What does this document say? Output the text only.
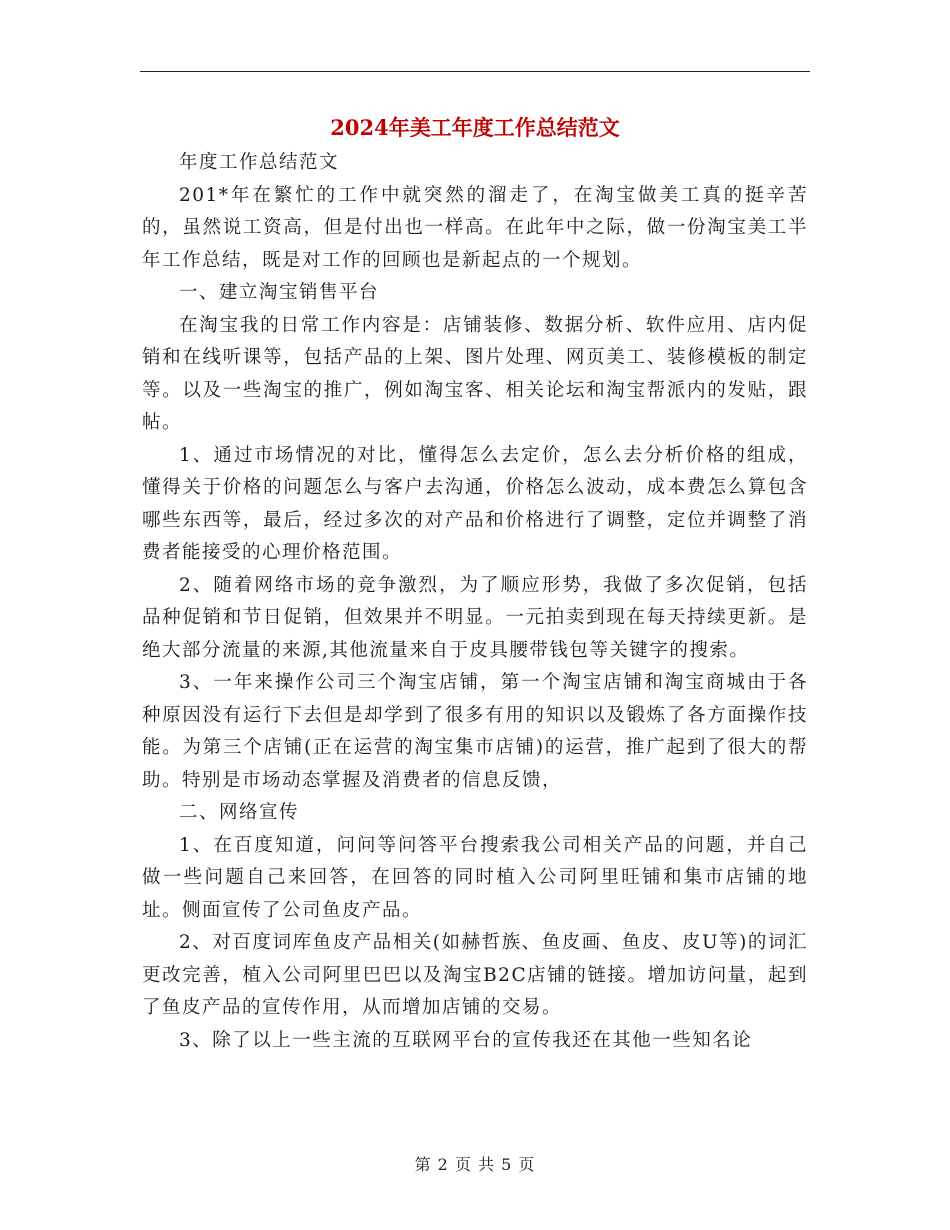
2024年美工年度工作总结范文

年度工作总结范文

201*年在繁忙的工作中就突然的溜走了，在淘宝做美工真的挺辛苦的，虽然说工资高，但是付出也一样高。在此年中之际，做一份淘宝美工半年工作总结，既是对工作的回顾也是新起点的一个规划。

一、建立淘宝销售平台

在淘宝我的日常工作内容是：店铺装修、数据分析、软件应用、店内促销和在线听课等，包括产品的上架、图片处理、网页美工、装修模板的制定等。以及一些淘宝的推广，例如淘宝客、相关论坛和淘宝帮派内的发贴，跟帖。

1、通过市场情况的对比，懂得怎么去定价，怎么去分析价格的组成，懂得关于价格的问题怎么与客户去沟通，价格怎么波动，成本费怎么算包含哪些东西等，最后，经过多次的对产品和价格进行了调整，定位并调整了消费者能接受的心理价格范围。

2、随着网络市场的竞争激烈，为了顺应形势，我做了多次促销，包括品种促销和节日促销，但效果并不明显。一元拍卖到现在每天持续更新。是绝大部分流量的来源,其他流量来自于皮具腰带钱包等关键字的搜索。

3、一年来操作公司三个淘宝店铺，第一个淘宝店铺和淘宝商城由于各种原因没有运行下去但是却学到了很多有用的知识以及锻炼了各方面操作技能。为第三个店铺(正在运营的淘宝集市店铺)的运营，推广起到了很大的帮助。特别是市场动态掌握及消费者的信息反馈，

二、网络宣传

1、在百度知道，问问等问答平台搜索我公司相关产品的问题，并自己做一些问题自己来回答，在回答的同时植入公司阿里旺铺和集市店铺的地址。侧面宣传了公司鱼皮产品。

2、对百度词库鱼皮产品相关(如赫哲族、鱼皮画、鱼皮、皮U等)的词汇更改完善，植入公司阿里巴巴以及淘宝B2C店铺的链接。增加访问量，起到了鱼皮产品的宣传作用，从而增加店铺的交易。

3、除了以上一些主流的互联网平台的宣传我还在其他一些知名论

第 2 页 共 5 页
